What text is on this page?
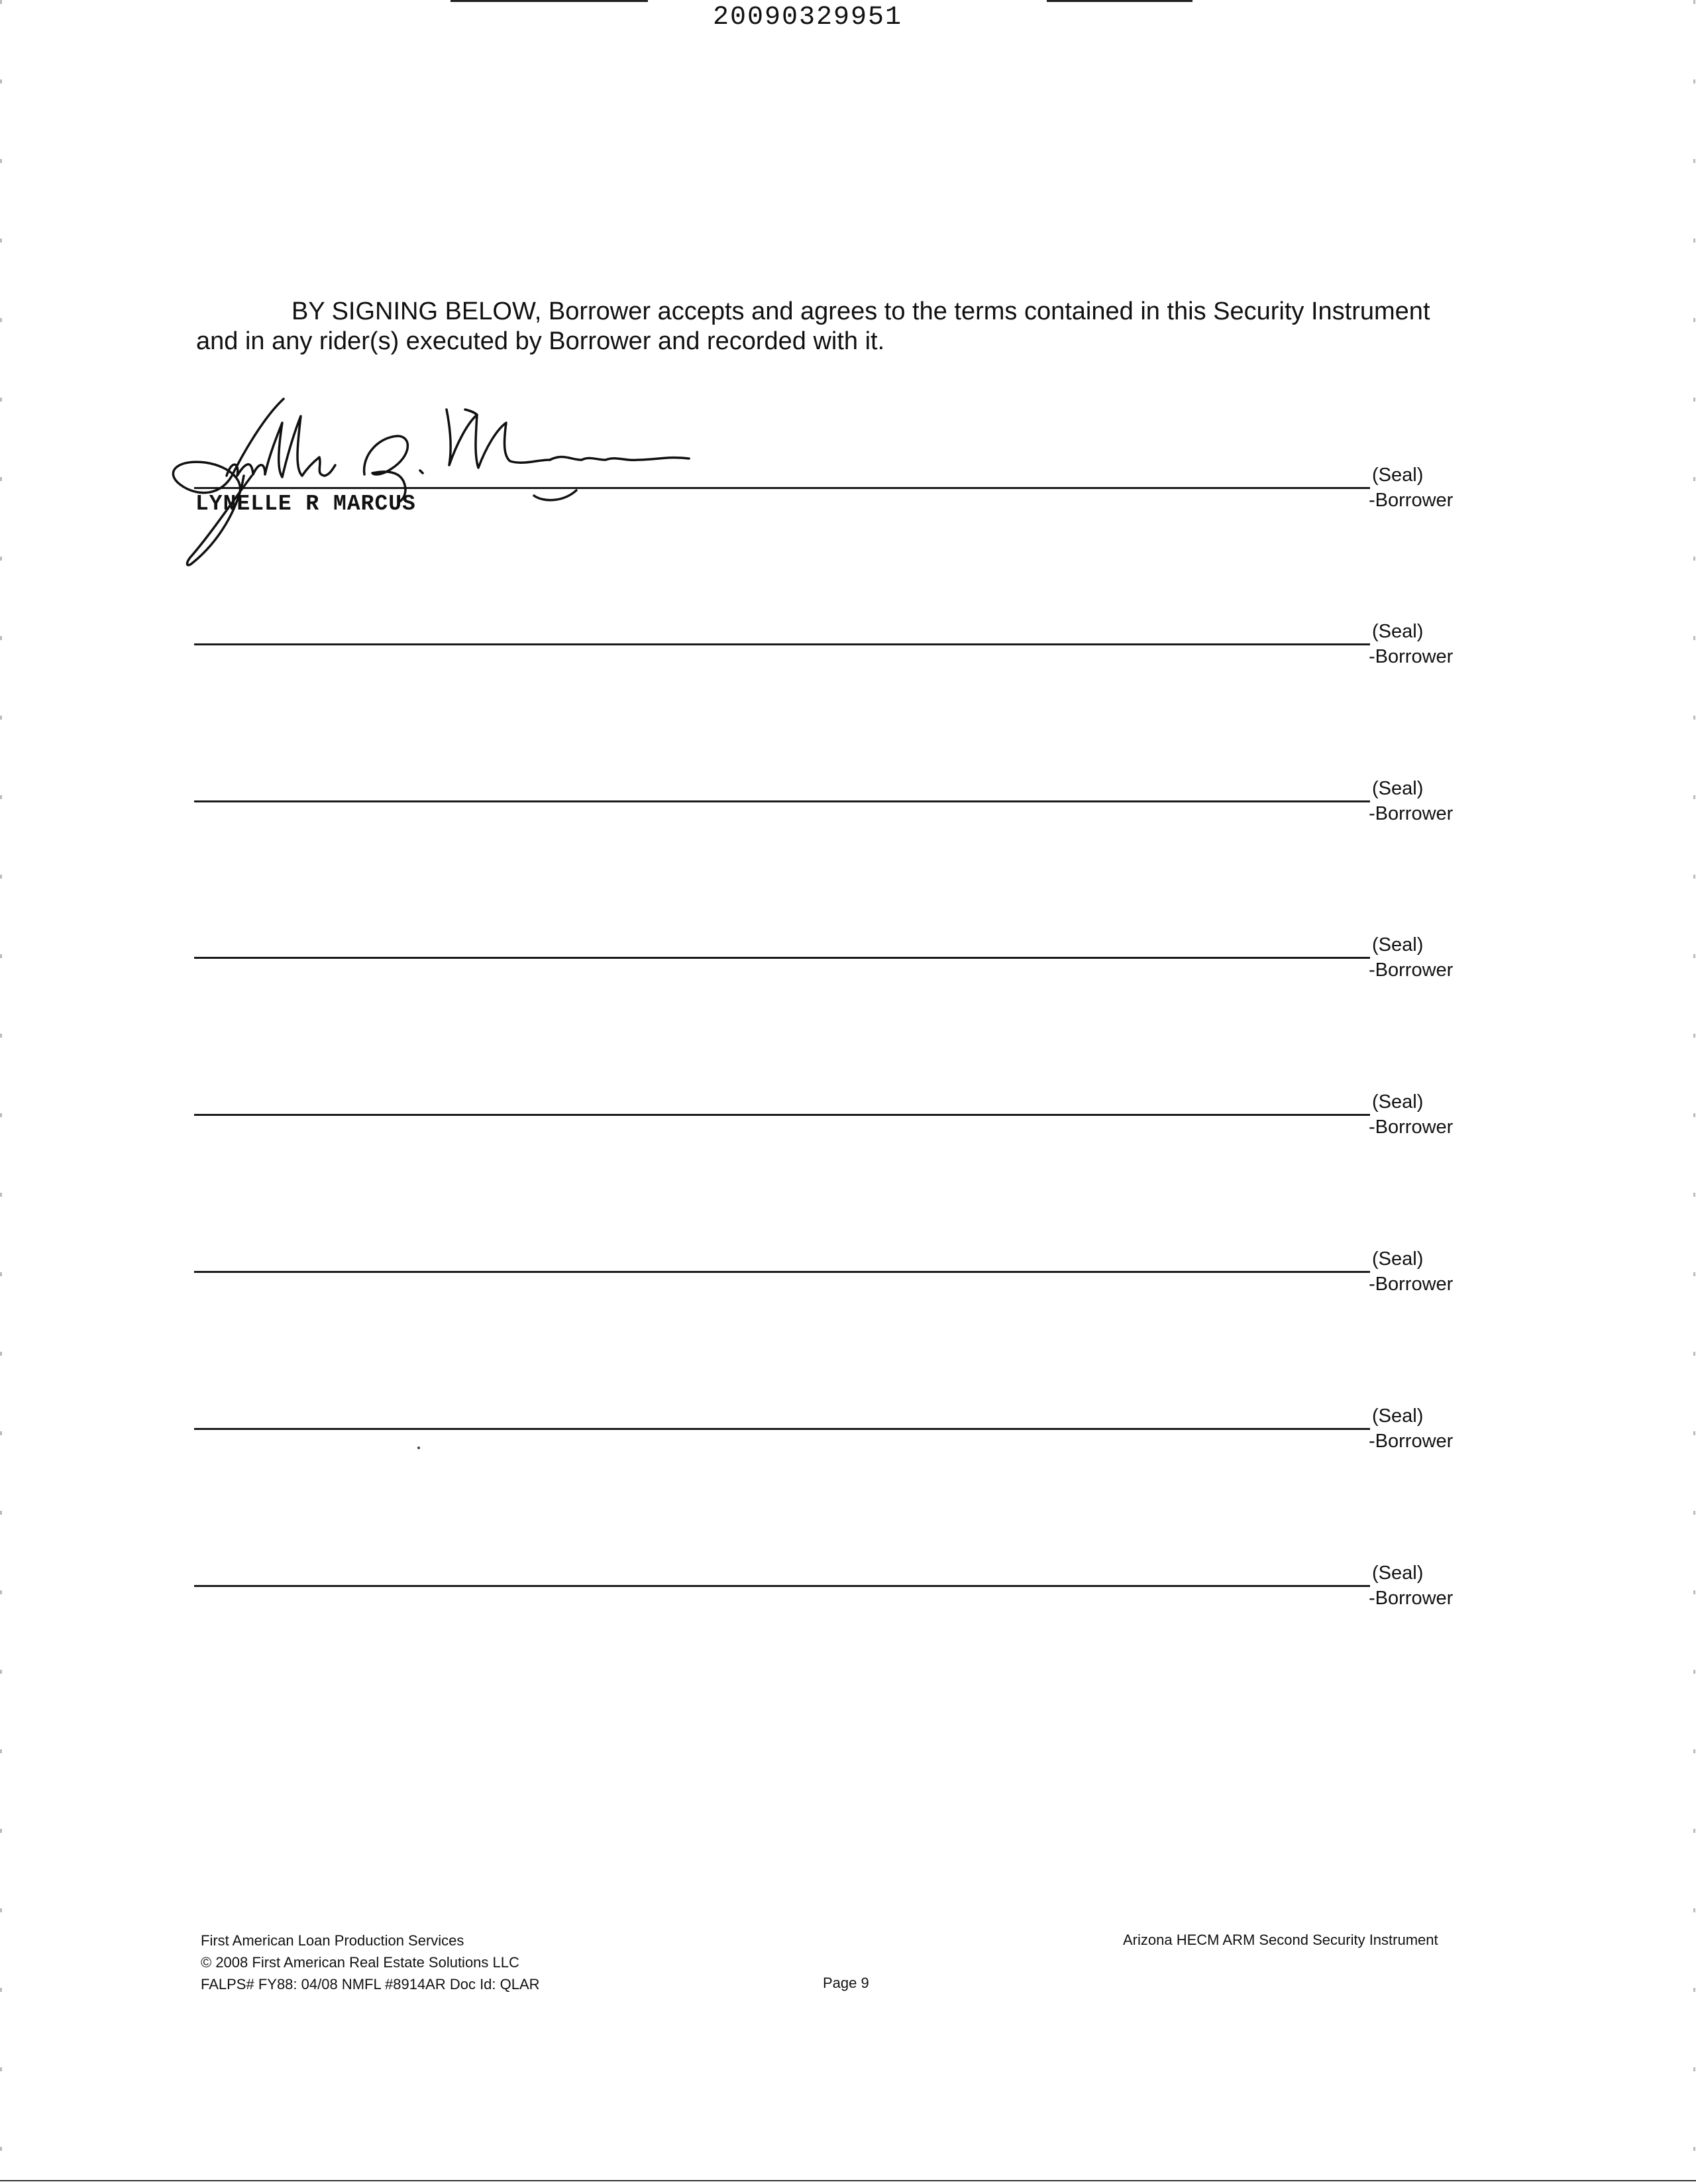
20090329951
BY SIGNING BELOW, Borrower accepts and agrees to the terms contained in this Security Instrument and in any rider(s) executed by Borrower and recorded with it.
(Seal)
-Borrower
LYNELLE R MARCUS
(Seal)
-Borrower
(Seal)
-Borrower
(Seal)
-Borrower
(Seal)
-Borrower
(Seal)
-Borrower
(Seal)
-Borrower
(Seal)
-Borrower
First American Loan Production Services
© 2008 First American Real Estate Solutions LLC
FALPS# FY88: 04/08 NMFL #8914AR Doc Id: QLAR	Page 9
Arizona HECM ARM Second Security Instrument
